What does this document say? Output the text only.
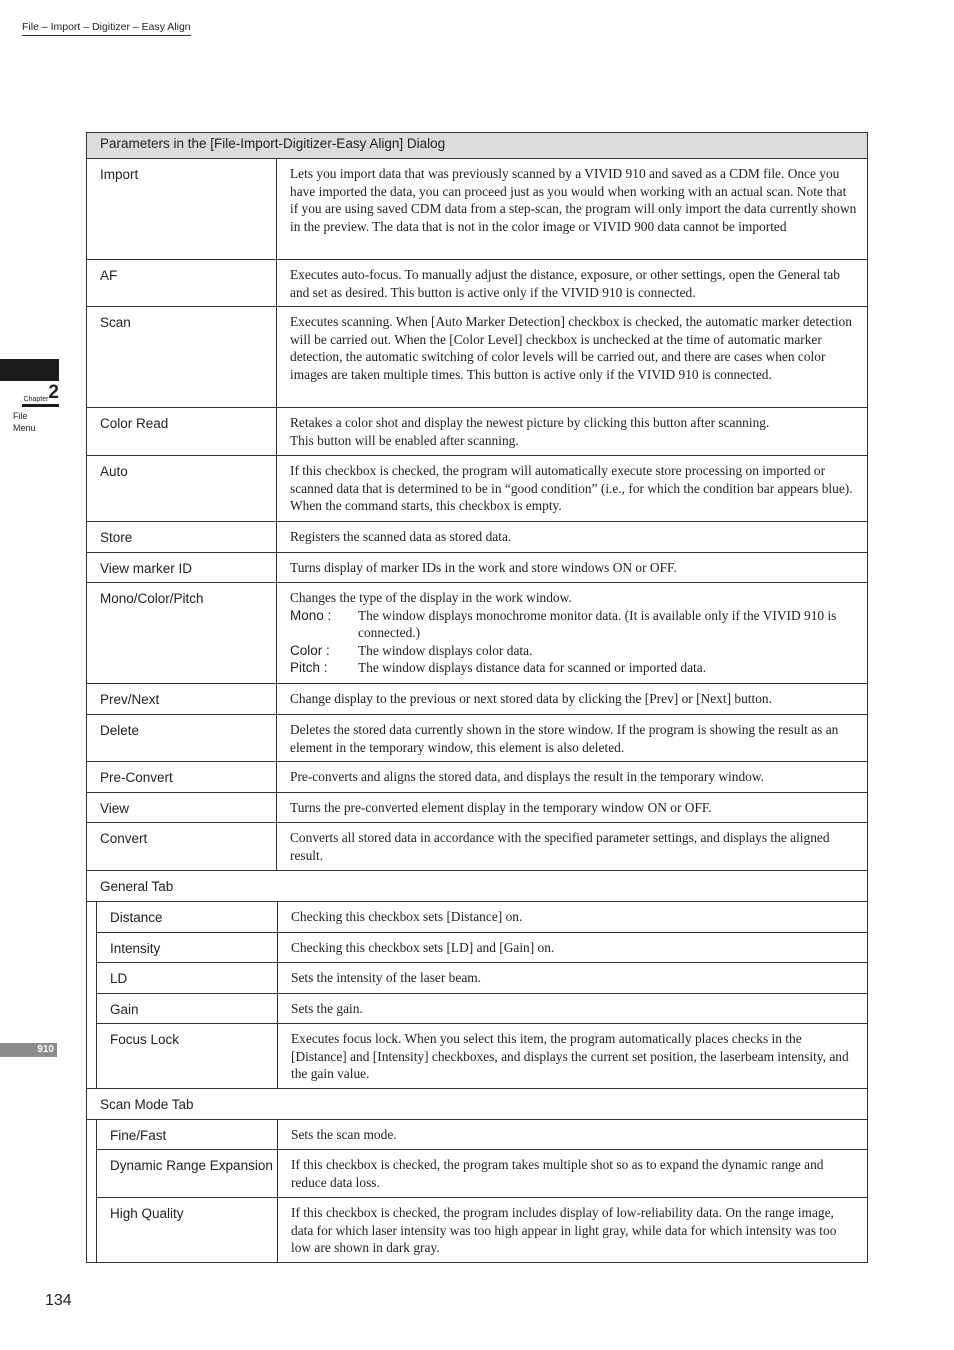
File – Import – Digitizer – Easy Align
Chapter2
File
Menu
910
Parameters in the [File-Import-Digitizer-Easy Align] Dialog
Import	Lets you import data that was previously scanned by a VIVID 910 and saved as a CDM file. Once you have imported the data, you can proceed just as you would when working with an actual scan. Note that if you are using saved CDM data from a step-scan, the program will only import the data currently shown in the preview. The data that is not in the color image or VIVID 900 data cannot be imported
AF	Executes auto-focus. To manually adjust the distance, exposure, or other settings, open the General tab and set as desired. This button is active only if the VIVID 910 is connected.
Scan	Executes scanning. When [Auto Marker Detection] checkbox is checked, the automatic marker detection will be carried out. When the [Color Level] checkbox is unchecked at the time of automatic marker detection, the automatic switching of color levels will be carried out, and there are cases when color images are taken multiple times. This button is active only if the VIVID 910 is connected.
Color Read	Retakes a color shot and display the newest picture by clicking this button after scanning.
This button will be enabled after scanning.
Auto	If this checkbox is checked, the program will automatically execute store processing on imported or scanned data that is determined to be in “good condition” (i.e., for which the condition bar appears blue). When the command starts, this checkbox is empty.
Store	Registers the scanned data as stored data.
View marker ID	Turns display of marker IDs in the work and store windows ON or OFF.
Mono/Color/Pitch	Changes the type of the display in the work window.
Mono :	The window displays monochrome monitor data. (It is available only if the VIVID 910 is connected.)
Color :	The window displays color data.
Pitch :	The window displays distance data for scanned or imported data.
Prev/Next	Change display to the previous or next stored data by clicking the [Prev] or [Next] button.
Delete	Deletes the stored data currently shown in the store window. If the program is showing the result as an element in the temporary window, this element is also deleted.
Pre-Convert	Pre-converts and aligns the stored data, and displays the result in the temporary window.
View	Turns the pre-converted element display in the temporary window ON or OFF.
Convert	Converts all stored data in accordance with the specified parameter settings, and displays the aligned result.
General Tab
Distance	Checking this checkbox sets [Distance] on.
Intensity	Checking this checkbox sets [LD] and [Gain] on.
LD	Sets the intensity of the laser beam.
Gain	Sets the gain.
Focus Lock	Executes focus lock. When you select this item, the program automatically places checks in the [Distance] and [Intensity] checkboxes, and displays the current set position, the laserbeam intensity, and the gain value.
Scan Mode Tab
Fine/Fast	Sets the scan mode.
Dynamic Range Expansion	If this checkbox is checked, the program takes multiple shot so as to expand the dynamic range and reduce data loss.
High Quality	If this checkbox is checked, the program includes display of low-reliability data. On the range image, data for which laser intensity was too high appear in light gray, while data for which intensity was too low are shown in dark gray.
134
